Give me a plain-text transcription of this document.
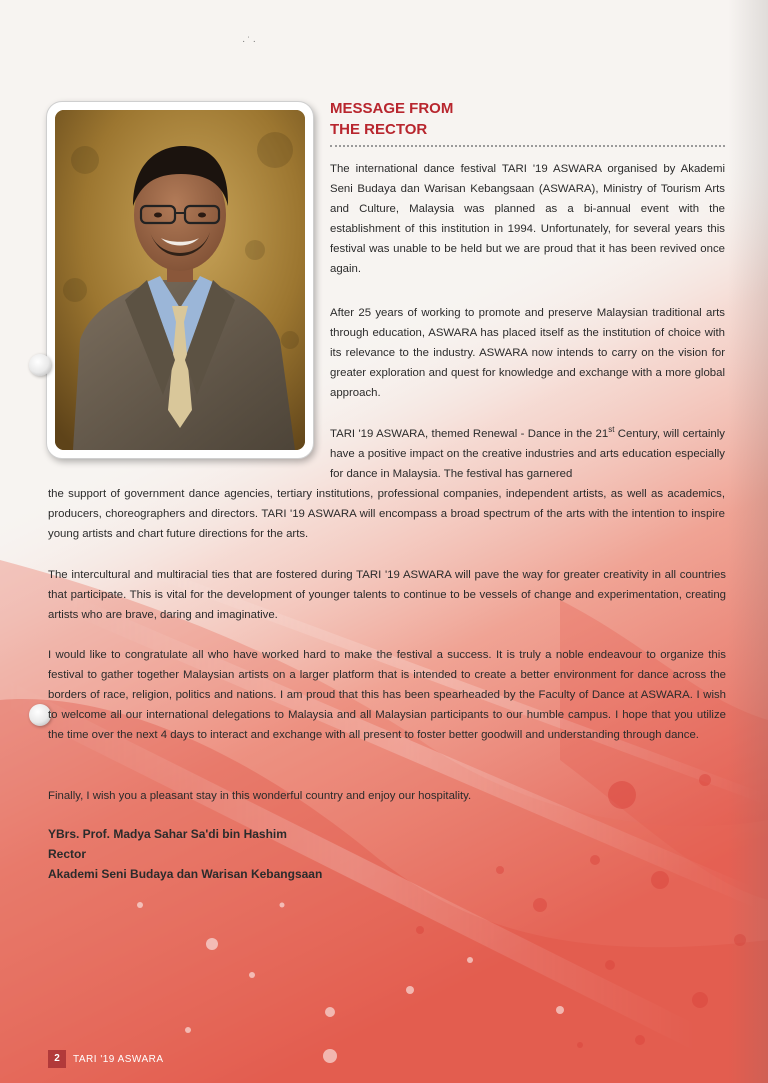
·˙·
MESSAGE FROM
THE RECTOR

The international dance festival TARI '19 ASWARA organised by Akademi Seni Budaya dan Warisan Kebangsaan (ASWARA), Ministry of Tourism Arts and Culture, Malaysia was planned as a bi-annual event with the establishment of this institution in 1994. Unfortunately, for several years this festival was unable to be held but we are proud that it has been revived once again.

After 25 years of working to promote and preserve Malaysian traditional arts through education, ASWARA has placed itself as the institution of choice with its relevance to the industry. ASWARA now intends to carry on the vision for greater exploration and quest for knowledge and exchange with a more global approach.

TARI '19 ASWARA, themed Renewal - Dance in the 21st Century, will certainly have a positive impact on the creative industries and arts education especially for dance in Malaysia. The festival has garnered
the support of government dance agencies, tertiary institutions, professional companies, independent artists, as well as academics, producers, choreographers and directors. TARI '19 ASWARA will encompass a broad spectrum of the arts with the intention to inspire young artists and chart future directions for the arts.

The intercultural and multiracial ties that are fostered during TARI '19 ASWARA will pave the way for greater creativity in all countries that participate. This is vital for the development of younger talents to continue to be vessels of change and experimentation, creating artists who are brave, daring and imaginative.

I would like to congratulate all who have worked hard to make the festival a success. It is truly a noble endeavour to organize this festival to gather together Malaysian artists on a larger platform that is intended to create a better environment for dance across the borders of race, religion, politics and nations. I am proud that this has been spearheaded by the Faculty of Dance at ASWARA. I wish to welcome all our international delegations to Malaysia and all Malaysian participants to our humble campus. I hope that you utilize the time over the next 4 days to interact and exchange with all present to foster better goodwill and understanding through dance.

Finally, I wish you a pleasant stay in this wonderful country and enjoy our hospitality.

YBrs. Prof. Madya Sahar Sa'di bin Hashim
Rector
Akademi Seni Budaya dan Warisan Kebangsaan
2	TARI '19 ASWARA
